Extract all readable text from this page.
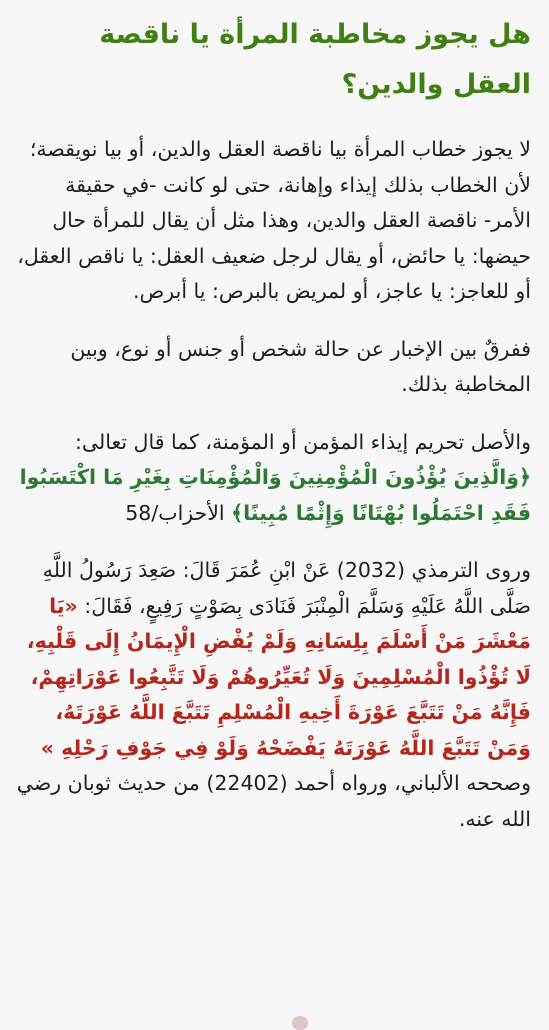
هل يجوز مخاطبة المرأة يا ناقصة العقل والدين؟

لا يجوز خطاب المرأة بيا ناقصة العقل والدين، أو بيا نويقصة؛ لأن الخطاب بذلك إيذاء وإهانة، حتى لو كانت -في حقيقة الأمر- ناقصة العقل والدين، وهذا مثل أن يقال للمرأة حال حيضها: يا حائض، أو يقال لرجل ضعيف العقل: يا ناقص العقل، أو للعاجز: يا عاجز، أو لمريض بالبرص: يا أبرص.

ففرقٌ بين الإخبار عن حالة شخص أو جنس أو نوع، وبين المخاطبة بذلك.

والأصل تحريم إيذاء المؤمن أو المؤمنة، كما قال تعالى: ﴿وَالَّذِينَ يُؤْذُونَ الْمُؤْمِنِينَ وَالْمُؤْمِنَاتِ بِغَيْرِ مَا اكْتَسَبُوا فَقَدِ احْتَمَلُوا بُهْتَانًا وَإِثْمًا مُبِينًا﴾ الأحزاب/58

وروى الترمذي (2032) عَنْ ابْنِ عُمَرَ قَالَ: صَعِدَ رَسُولُ اللَّهِ صَلَّى اللَّهُ عَلَيْهِ وَسَلَّمَ الْمِنْبَرَ فَنَادَى بِصَوْتٍ رَفِيعٍ، فَقَالَ: «يَا مَعْشَرَ مَنْ أَسْلَمَ بِلِسَانِهِ وَلَمْ يُفْضِ الْإِيمَانُ إِلَى قَلْبِهِ، لَا تُؤْذُوا الْمُسْلِمِينَ وَلَا تُعَيِّرُوهُمْ وَلَا تَتَّبِعُوا عَوْرَاتِهِمْ، فَإِنَّهُ مَنْ تَتَبَّعَ عَوْرَةَ أَخِيهِ الْمُسْلِمِ تَتَبَّعَ اللَّهُ عَوْرَتَهُ، وَمَنْ تَتَبَّعَ اللَّهُ عَوْرَتَهُ يَفْضَحْهُ وَلَوْ فِي جَوْفِ رَحْلِهِ » وصححه الألباني، ورواه أحمد (22402) من حديث ثوبان رضي الله عنه.
